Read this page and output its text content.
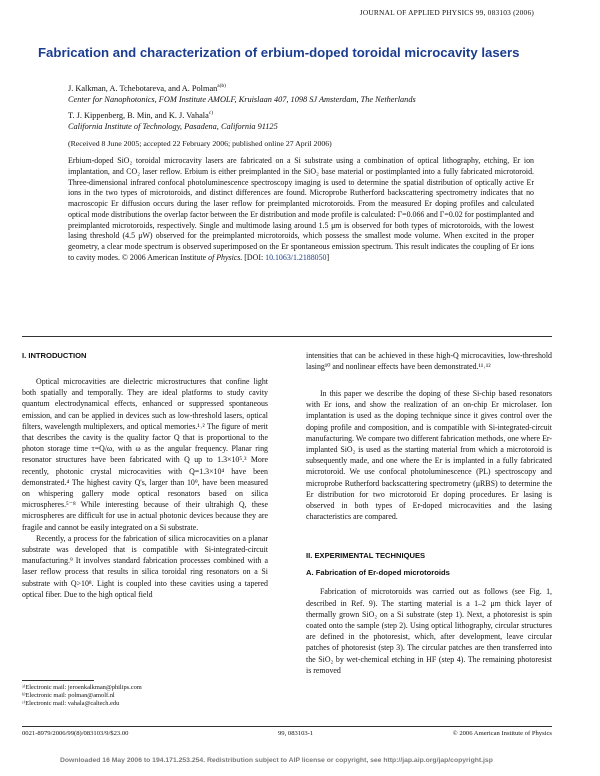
JOURNAL OF APPLIED PHYSICS 99, 083103 (2006)
Fabrication and characterization of erbium-doped toroidal microcavity lasers
J. Kalkman, A. Tchebotareva, and A. Polman$^{a)b)}$
Center for Nanophotonics, FOM Institute AMOLF, Kruislaan 407, 1098 SJ Amsterdam, The Netherlands
T. J. Kippenberg, B. Min, and K. J. Vahala$^{c)}$
California Institute of Technology, Pasadena, California 91125
(Received 8 June 2005; accepted 22 February 2006; published online 27 April 2006)

Erbium-doped SiO₂ toroidal microcavity lasers are fabricated on a Si substrate using a combination of optical lithography, etching, Er ion implantation, and CO₂ laser reflow. Erbium is either preimplanted in the SiO₂ base material or postimplanted into a fully fabricated microtoroid. Three-dimensional infrared confocal photoluminescence spectroscopy imaging is used to determine the spatial distribution of optically active Er ions in the two types of microtoroids, and distinct differences are found. Microprobe Rutherford backscattering spectrometry indicates that no macroscopic Er diffusion occurs during the laser reflow for preimplanted microtoroids. From the measured Er doping profiles and calculated optical mode distributions the overlap factor between the Er distribution and mode profile is calculated: Γ=0.066 and Γ=0.02 for postimplanted and preimplanted microtoroids, respectively. Single and multimode lasing around 1.5 μm is observed for both types of microtoroids, with the lowest lasing threshold (4.5 μW) observed for the preimplanted microtoroids, which possess the smallest mode volume. When excited in the proper geometry, a clear mode spectrum is observed superimposed on the Er spontaneous emission spectrum. This result indicates the coupling of Er ions to cavity modes. © 2006 American Institute of Physics. [DOI: 10.1063/1.2188050]

I. INTRODUCTION

Optical microcavities are dielectric microstructures that confine light both spatially and temporally. They are ideal platforms to study cavity quantum electrodynamical effects, enhanced or suppressed spontaneous emission, and can be applied in devices such as low-threshold lasers, optical filters, wavelength multiplexers, and optical memories.¹˒² The figure of merit that describes the cavity is the quality factor Q that is proportional to the photon storage time τ=Q/ω, with ω as the angular frequency. Planar ring resonator structures have been fabricated with Q up to 1.3×10⁵.³ More recently, photonic crystal microcavities with Q=1.3×10⁴ have been demonstrated.⁴ The highest cavity Q's, larger than 10⁹, have been measured on whispering gallery mode optical resonators based on silica microspheres.⁵⁻⁸ While interesting because of their ultrahigh Q, these microspheres are difficult for use in actual photonic devices because they are fragile and cannot be easily integrated on a Si substrate.

Recently, a process for the fabrication of silica microcavities on a planar substrate was developed that is compatible with Si-integrated-circuit manufacturing.⁹ It involves standard fabrication processes combined with a laser reflow process that results in silica toroidal ring resonators on a Si substrate with Q>10⁸. Light is coupled into these cavities using a tapered optical fiber. Due to the high optical field

intensities that can be achieved in these high-Q microcavities, low-threshold lasing¹⁰ and nonlinear effects have been demonstrated.¹¹˒¹²

In this paper we describe the doping of these Si-chip based resonators with Er ions, and show the realization of an on-chip Er microlaser. Ion implantation is used as the doping technique since it gives control over the doping profile and composition, and is compatible with Si-integrated-circuit manufacturing. We compare two different fabrication methods, one where Er-implanted SiO₂ is used as the starting material from which a microtoroid is subsequently made, and one where the Er is implanted in a fully fabricated microtoroid. We use confocal photoluminescence (PL) spectroscopy and microprobe Rutherford backscattering spectrometry (μRBS) to determine the Er distribution for two microtoroid Er doping procedures. Er lasing is observed in both types of Er-doped microcavities and the lasing characteristics are compared.

II. EXPERIMENTAL TECHNIQUES
A. Fabrication of Er-doped microtoroids

Fabrication of microtoroids was carried out as follows (see Fig. 1, described in Ref. 9). The starting material is a 1–2 μm thick layer of thermally grown SiO₂ on a Si substrate (step 1). Next, a photoresist is spin coated onto the sample (step 2). Using optical lithography, circular structures are defined in the photoresist, which, after development, leave circular patches of photoresist (step 3). The circular patches are then transferred into the SiO₂ by wet-chemical etching in HF (step 4). The remaining photoresist is removed

ᵃ⁾Electronic mail: jeroenkalkman@philips.com
ᵇ⁾Electronic mail: polman@amolf.nl
ᶜ⁾Electronic mail: vahala@caltech.edu
0021-8979/2006/99(8)/083103/9/$23.00	99, 083103-1	© 2006 American Institute of Physics
Downloaded 16 May 2006 to 194.171.253.254. Redistribution subject to AIP license or copyright, see http://jap.aip.org/jap/copyright.jsp
